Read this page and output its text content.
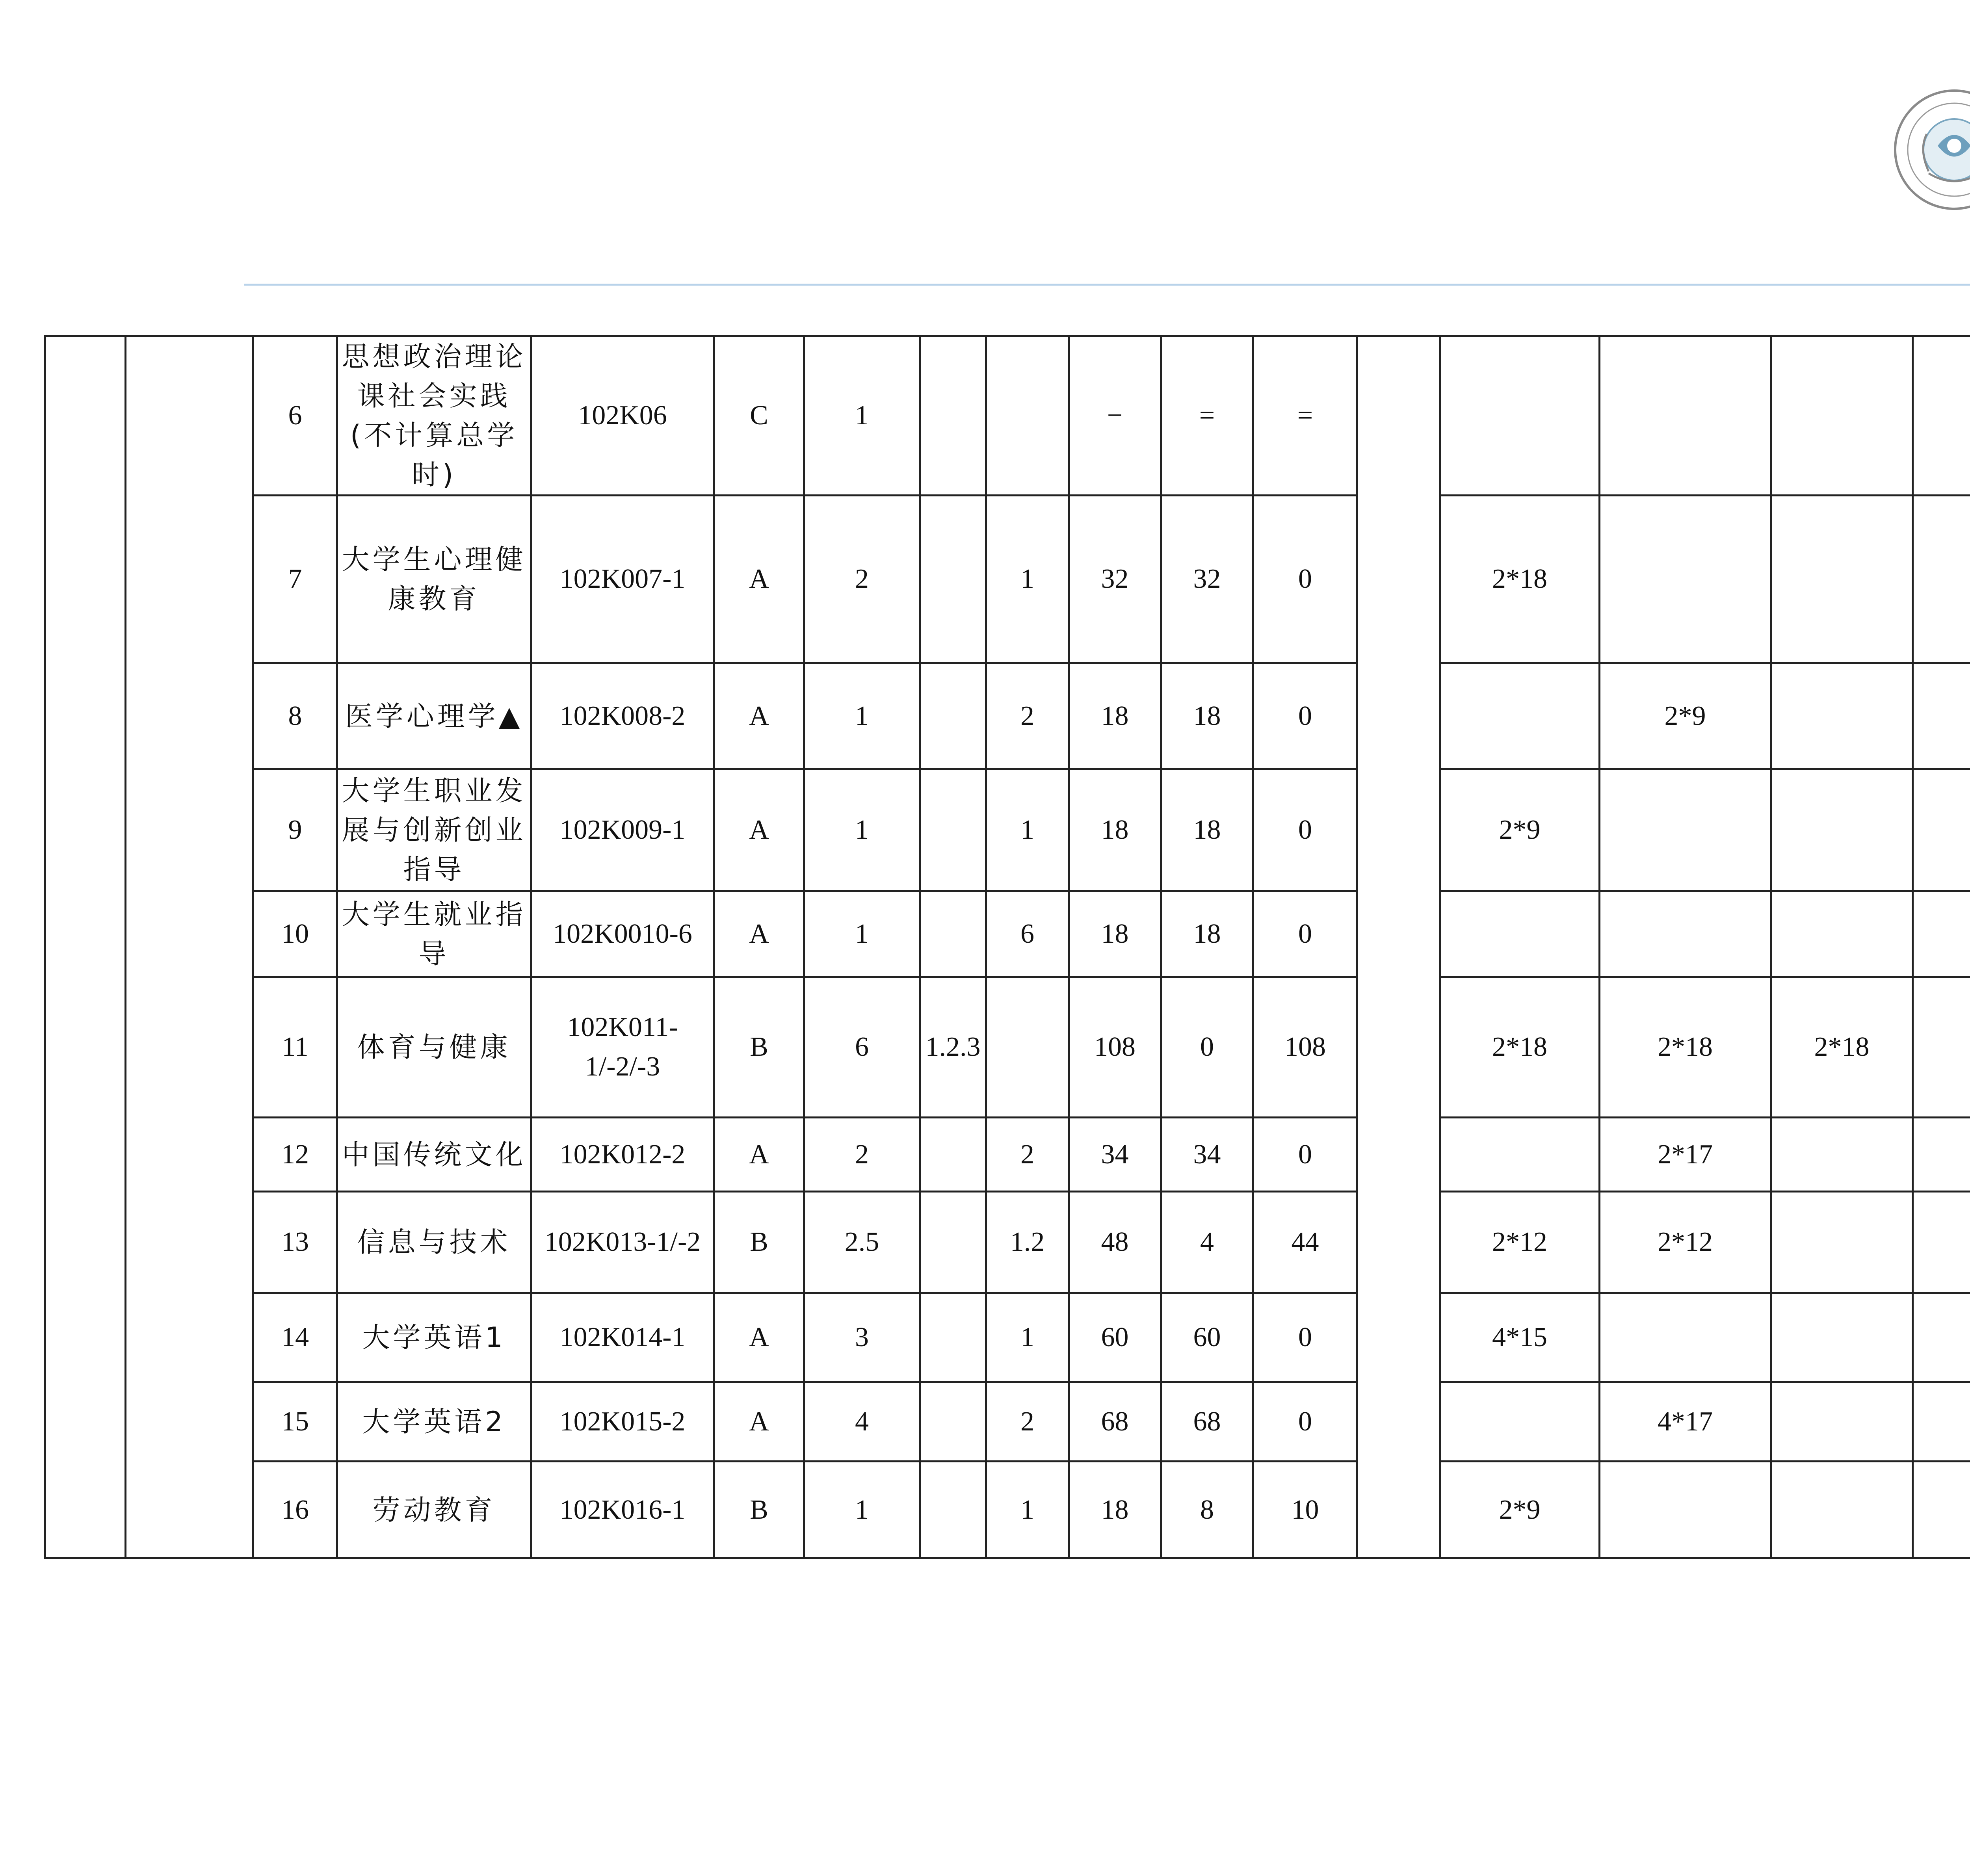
		6	思想政治理论课社会实践(不计算总学时)	102K06	C	1			−	=	=							
		7	大学生心理健康教育	102K007-1	A	2		1	32	32	0		2*18					
		8	医学心理学▲	102K008-2	A	1		2	18	18	0			2*9				
		9	大学生职业发展与创新创业指导	102K009-1	A	1		1	18	18	0		2*9					
		10	大学生就业指导	102K0010-6	A	1		6	18	18	0					
		11	体育与健康	102K011-1/-2/-3	B	6	1.2.3		108	0	108		2*18	2*18	2*18			
		12	中国传统文化	102K012-2	A	2		2	34	34	0			2*17				
		13	信息与技术	102K013-1/-2	B	2.5		1.2	48	4	44		2*12	2*12				
		14	大学英语1	102K014-1	A	3		1	60	60	0		4*15					
		15	大学英语2	102K015-2	A	4		2	68	68	0			4*17				
		16	劳动教育	102K016-1	B	1		1	18	8	10		2*9					
